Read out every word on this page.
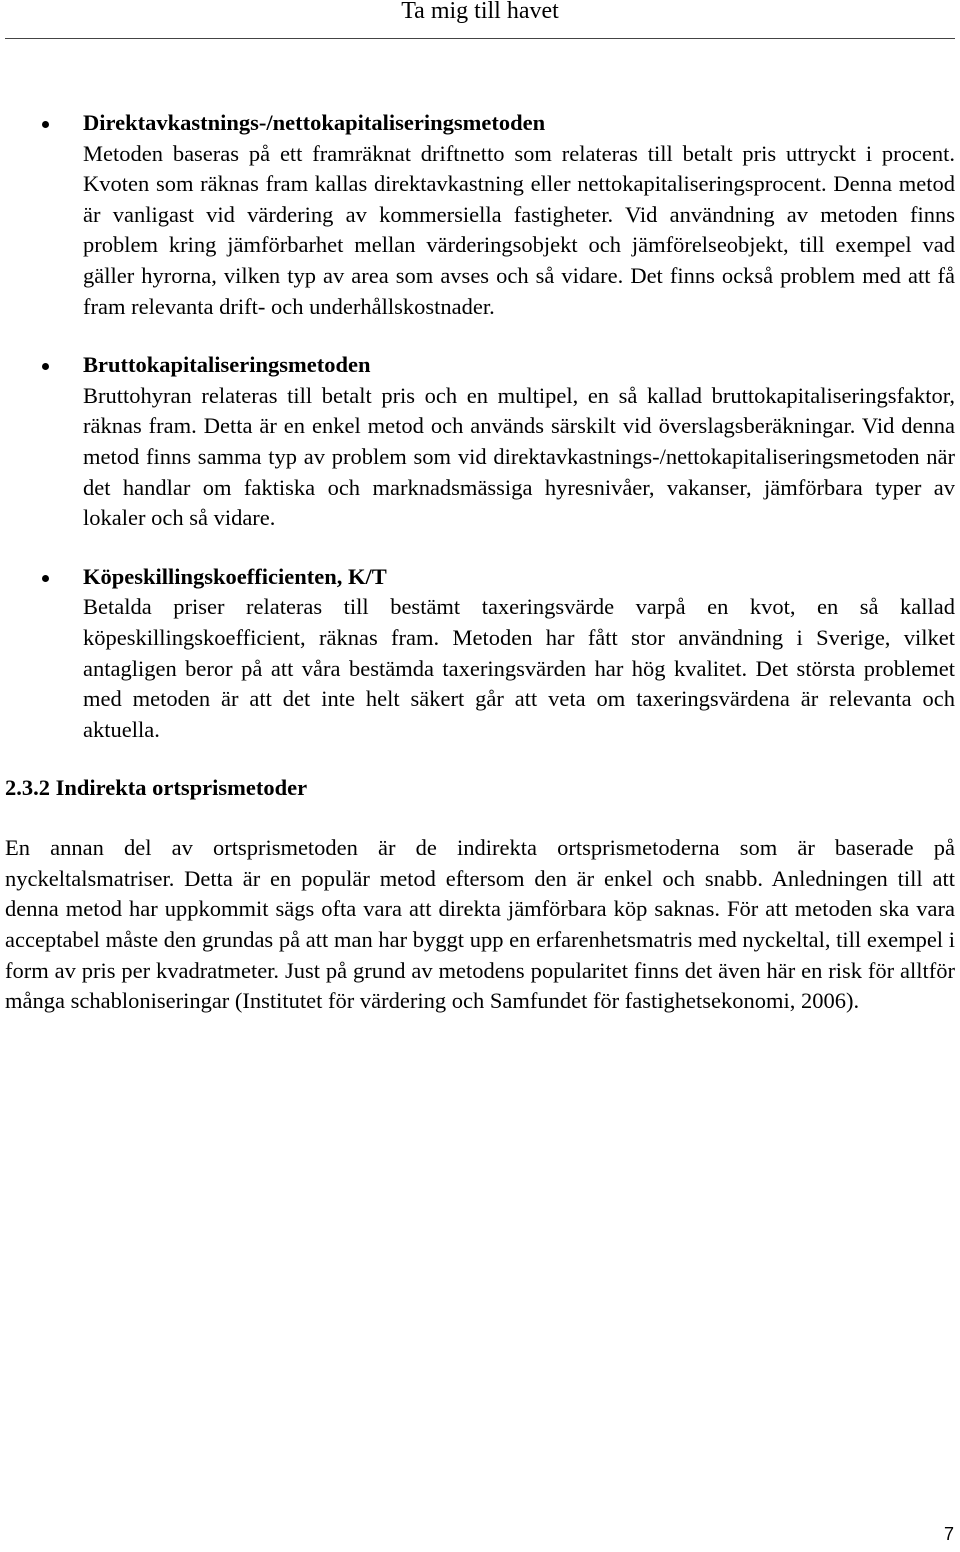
Ta mig till havet

Direktavkastnings-/nettokapitaliseringsmetoden

Metoden baseras på ett framräknat driftnetto som relateras till betalt pris uttryckt i procent. Kvoten som räknas fram kallas direktavkastning eller nettokapitaliseringsprocent. Denna metod är vanligast vid värdering av kommersiella fastigheter. Vid användning av metoden finns problem kring jämförbarhet mellan värderingsobjekt och jämförelseobjekt, till exempel vad gäller hyrorna, vilken typ av area som avses och så vidare. Det finns också problem med att få fram relevanta drift- och underhållskostnader.

Bruttokapitaliseringsmetoden

Bruttohyran relateras till betalt pris och en multipel, en så kallad bruttokapitaliseringsfaktor, räknas fram. Detta är en enkel metod och används särskilt vid överslagsberäkningar. Vid denna metod finns samma typ av problem som vid direktavkastnings-/nettokapitaliseringsmetoden när det handlar om faktiska och marknadsmässiga hyresnivåer, vakanser, jämförbara typer av lokaler och så vidare.

Köpeskillingskoefficienten, K/T

Betalda priser relateras till bestämt taxeringsvärde varpå en kvot, en så kallad köpeskillingskoefficient, räknas fram. Metoden har fått stor användning i Sverige, vilket antagligen beror på att våra bestämda taxeringsvärden har hög kvalitet. Det största problemet med metoden är att det inte helt säkert går att veta om taxeringsvärdena är relevanta och aktuella.

2.3.2 Indirekta ortsprismetoder

En annan del av ortsprismetoden är de indirekta ortsprismetoderna som är baserade på nyckeltalsmatriser. Detta är en populär metod eftersom den är enkel och snabb. Anledningen till att denna metod har uppkommit sägs ofta vara att direkta jämförbara köp saknas. För att metoden ska vara acceptabel måste den grundas på att man har byggt upp en erfarenhetsmatris med nyckeltal, till exempel i form av pris per kvadratmeter. Just på grund av metodens popularitet finns det även här en risk för alltför många schabloniseringar (Institutet för värdering och Samfundet för fastighetsekonomi, 2006).

7
